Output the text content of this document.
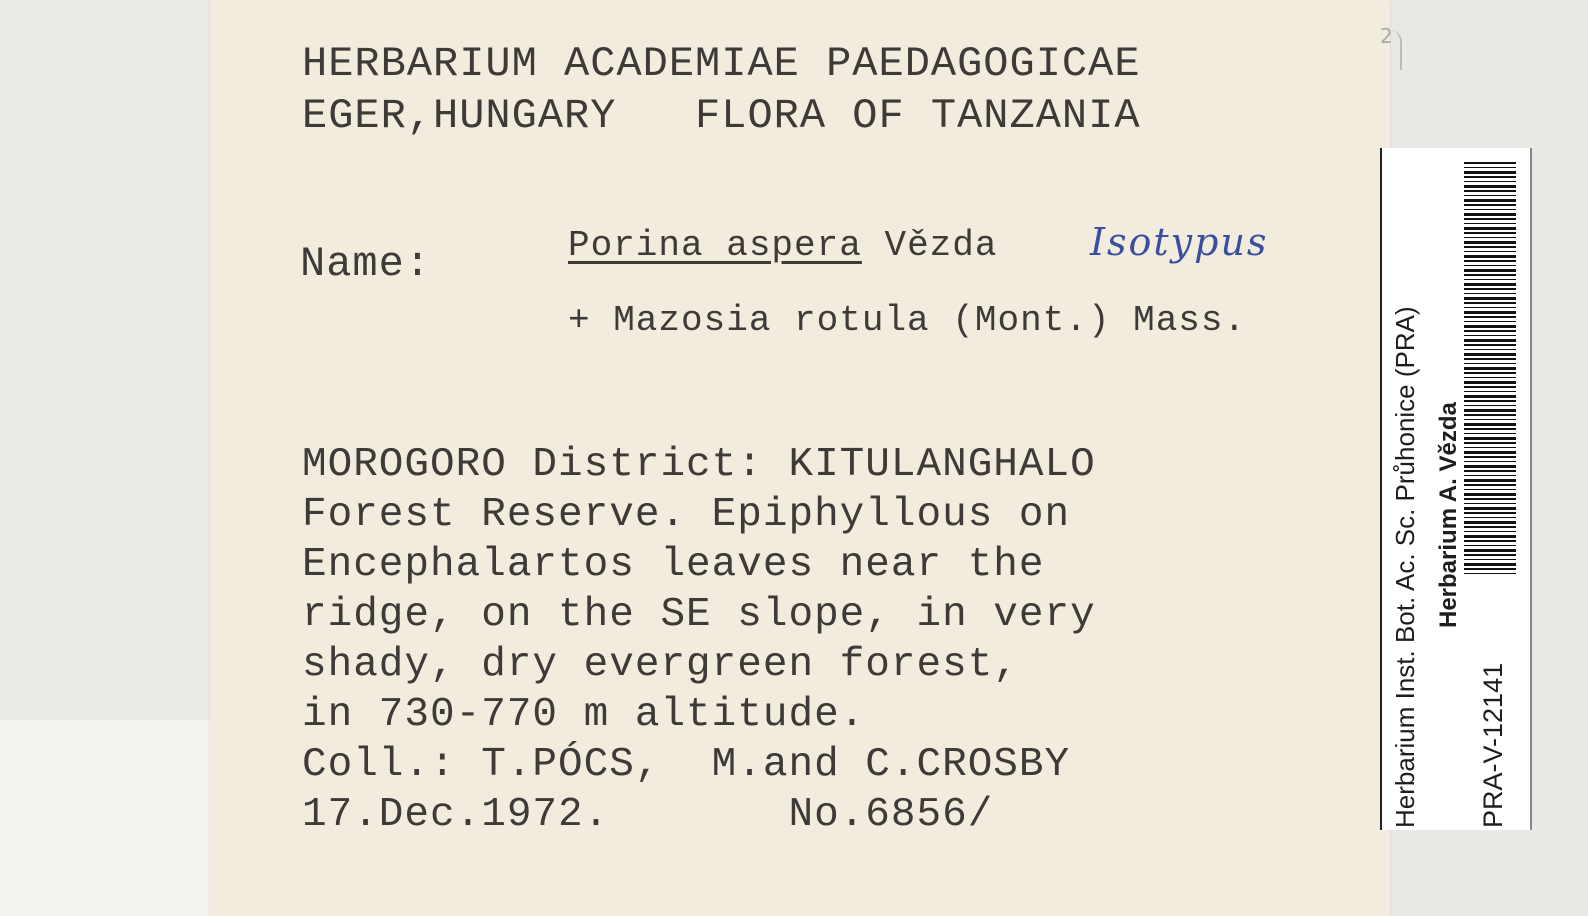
HERBARIUM ACADEMIAE PAEDAGOGICAE

EGER,HUNGARY   FLORA OF TANZANIA

Name:	Porina aspera Vězda Isotypus

+ Mazosia rotula (Mont.) Mass.

MOROGORO District: KITULANGHALO

Forest Reserve. Epiphyllous on

Encephalartos leaves near the

ridge, on the SE slope, in very

shady, dry evergreen forest,

in 730-770 m altitude.

Coll.: T.PÓCS,  M.and C.CROSBY

17.Dec.1972.       No.6856/	Herbarium Inst. Bot. Ac. Sc. Průhonice (PRA) Herbarium A. Vězda
PRA-V-12141
2
